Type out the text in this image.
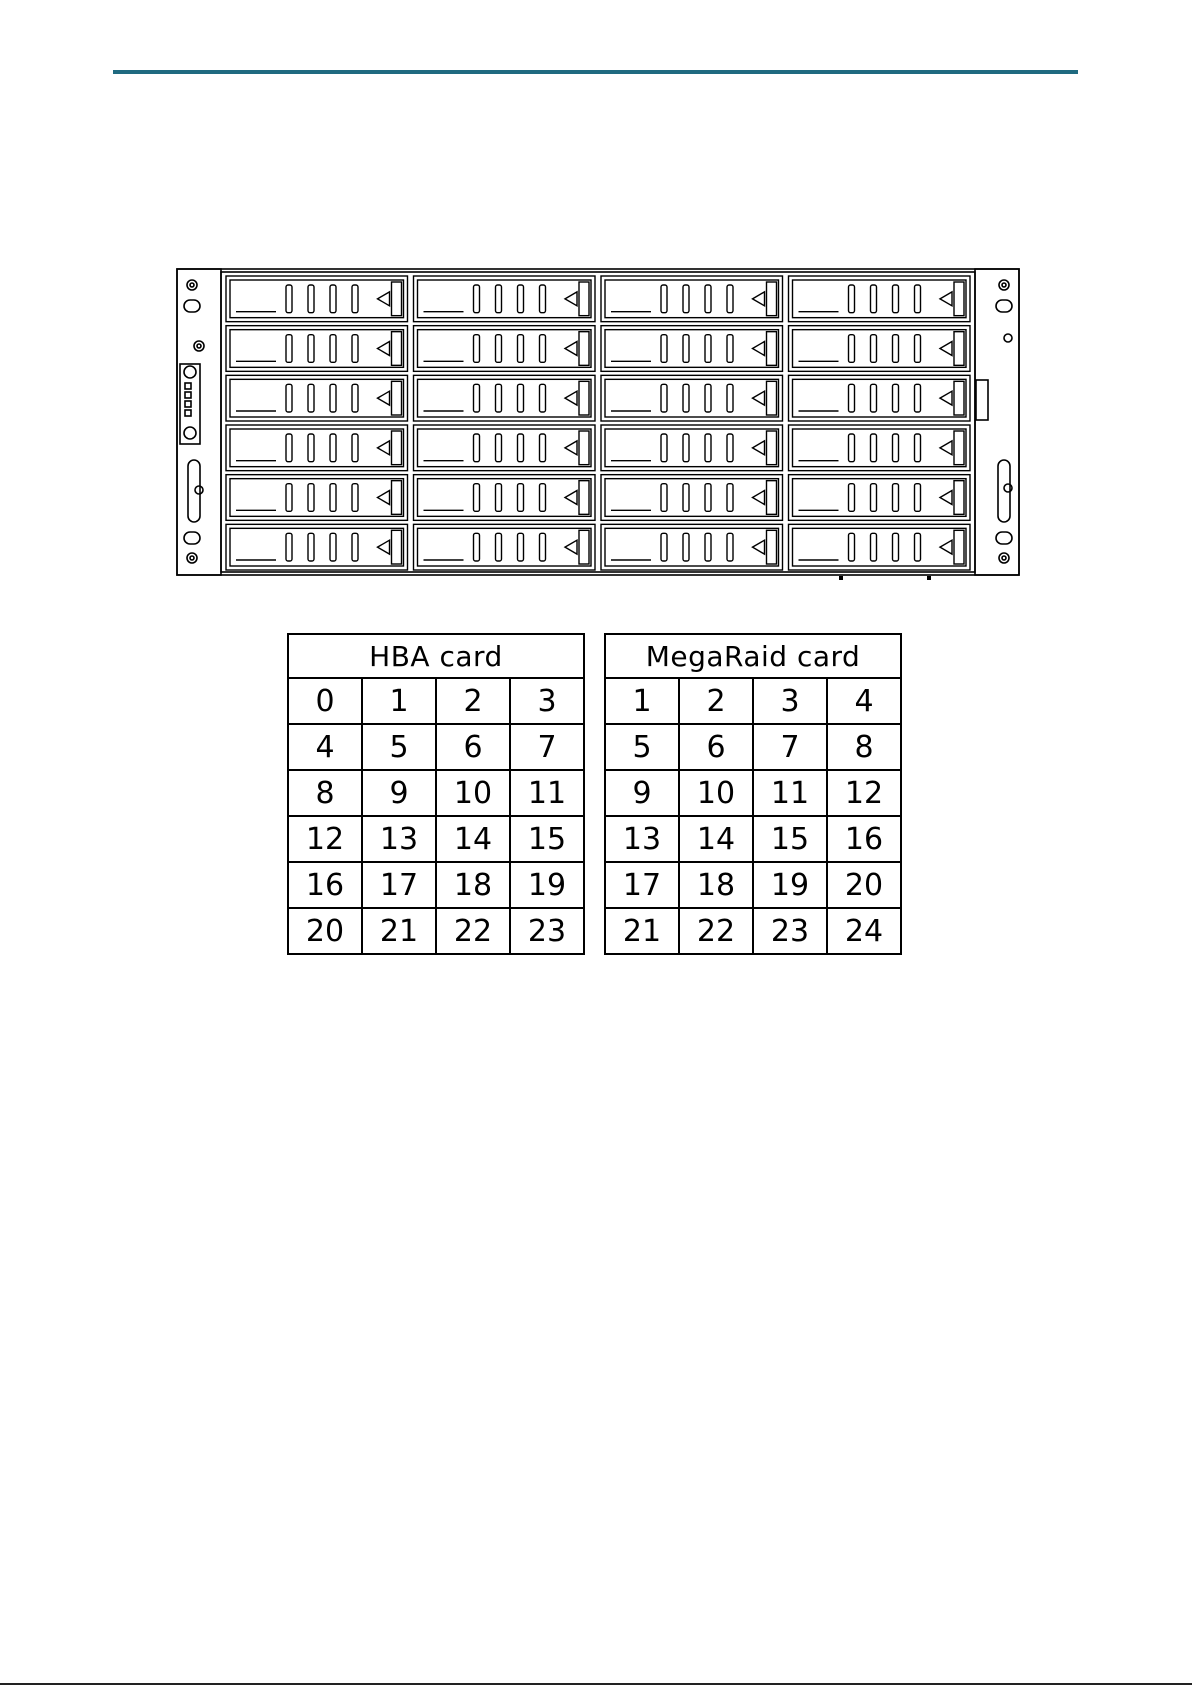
HBA card			
0	1	2	3
4	5	6	7
8	9	10	11
12	13	14	15
16	17	18	19
20	21	22	23
MegaRaid card			
1	2	3	4
5	6	7	8
9	10	11	12
13	14	15	16
17	18	19	20
21	22	23	24
